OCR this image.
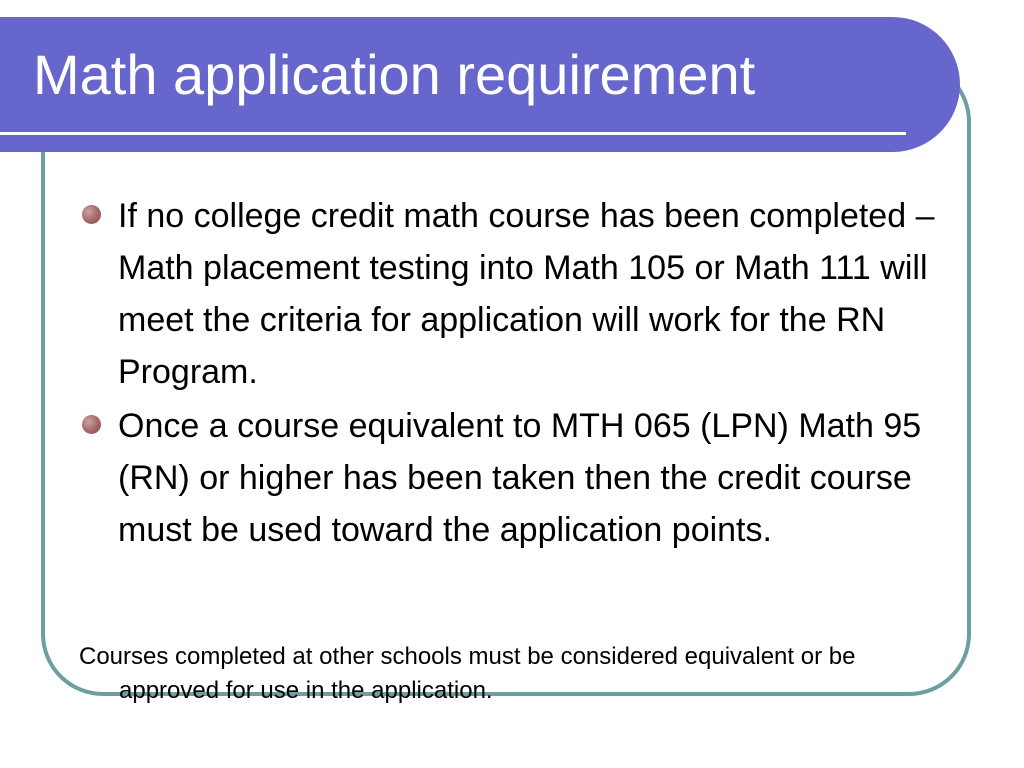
Math application requirement
If no college credit math course has been completed – Math placement testing into Math 105 or Math 111 will meet the criteria for application will work for the RN Program.
Once a course equivalent to MTH 065 (LPN) Math 95 (RN) or higher has been taken then the credit course must be used toward the application points.

Courses completed at other schools must be considered equivalent or be approved for use in the application.
